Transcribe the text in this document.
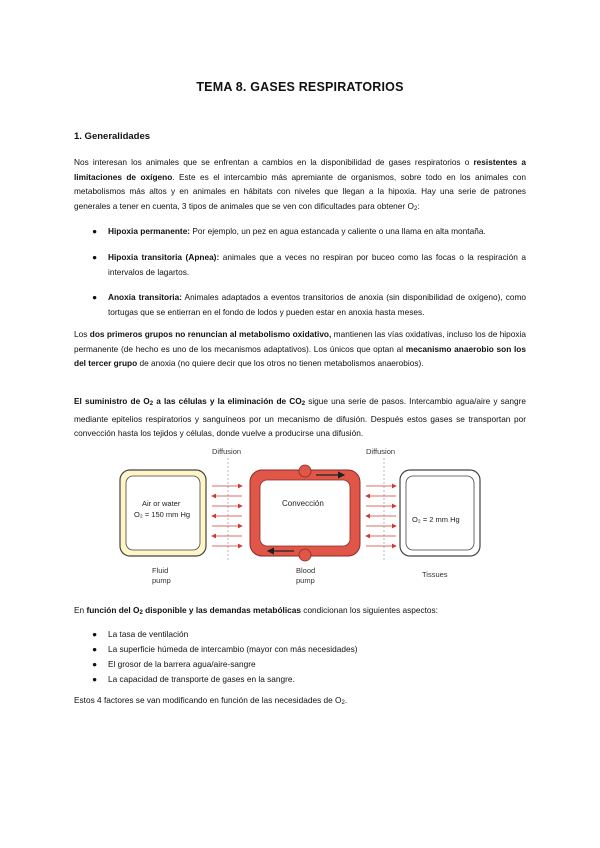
TEMA 8. GASES RESPIRATORIOS
1. Generalidades

Nos interesan los animales que se enfrentan a cambios en la disponibilidad de gases respiratorios o resistentes a limitaciones de oxígeno. Este es el intercambio más apremiante de organismos, sobre todo en los animales con metabolismos más altos y en animales en hábitats con niveles que llegan a la hipoxia. Hay una serie de patrones generales a tener en cuenta, 3 tipos de animales que se ven con dificultades para obtener $O_2$:

● Hipoxia permanente: Por ejemplo, un pez en agua estancada y caliente o una llama en alta montaña.
● Hipoxia transitoria (Apnea): animales que a veces no respiran por buceo como las focas o la respiración a intervalos de lagartos.
● Anoxia transitoria: Animales adaptados a eventos transitorios de anoxia (sin disponibilidad de oxígeno), como tortugas que se entierran en el fondo de lodos y pueden estar en anoxia hasta meses.

Los dos primeros grupos no renuncian al metabolismo oxidativo, mantienen las vías oxidativas, incluso los de hipoxia permanente (de hecho es uno de los mecanismos adaptativos). Los únicos que optan al mecanismo anaerobio son los del tercer grupo de anoxia (no quiere decir que los otros no tienen metabolismos anaerobios).

El suministro de $O_2$ a las células y la eliminación de $CO_2$ sigue una serie de pasos. Intercambio agua/aire y sangre mediante epitelios respiratorios y sanguíneos por un mecanismo de difusión. Después estos gases se transportan por convección hasta los tejidos y células, donde vuelve a producirse una difusión.

Diffusion	Diffusion
Air or water
O₂ = 150 mm Hg
Convección
O₂ = 2 mm Hg
Fluid
pump
Blood
pump
Tissues

En función del $O_2$ disponible y las demandas metabólicas condicionan los siguientes aspectos:

● La tasa de ventilación
● La superficie húmeda de intercambio (mayor con más necesidades)
● El grosor de la barrera agua/aire-sangre
● La capacidad de transporte de gases en la sangre.

Estos 4 factores se van modificando en función de las necesidades de $O_2$.
